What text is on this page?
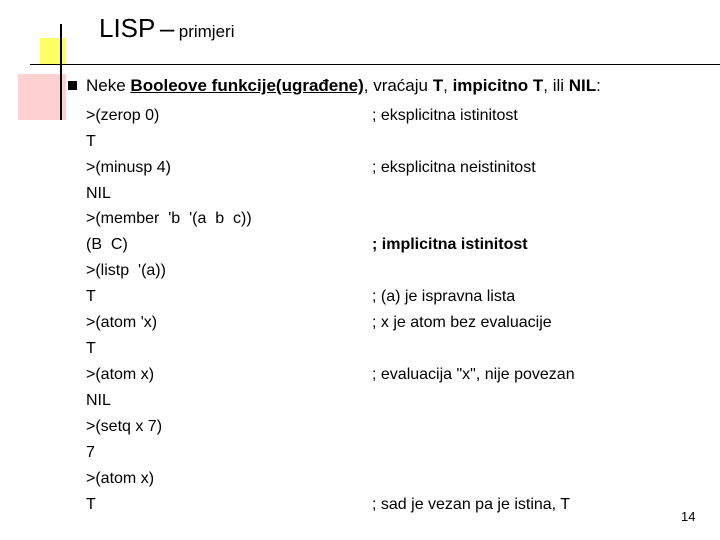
LISP – primjeri
Neke Booleove funkcije(ugrađene), vraćaju T, impicitno T, ili NIL:
>(zerop 0)
T
>(minusp 4)
NIL
>(member  'b  '(a  b  c))
(B  C)
>(listp  '(a))
T
>(atom 'x)
T
>(atom x)
NIL
>(setq x 7)
7
>(atom x)
T
; eksplicitna istinitost
; eksplicitna neistinitost
; implicitna istinitost
; (a) je ispravna lista
; x je atom bez evaluacije
; evaluacija "x", nije povezan
; sad je vezan pa je istina, T
14
